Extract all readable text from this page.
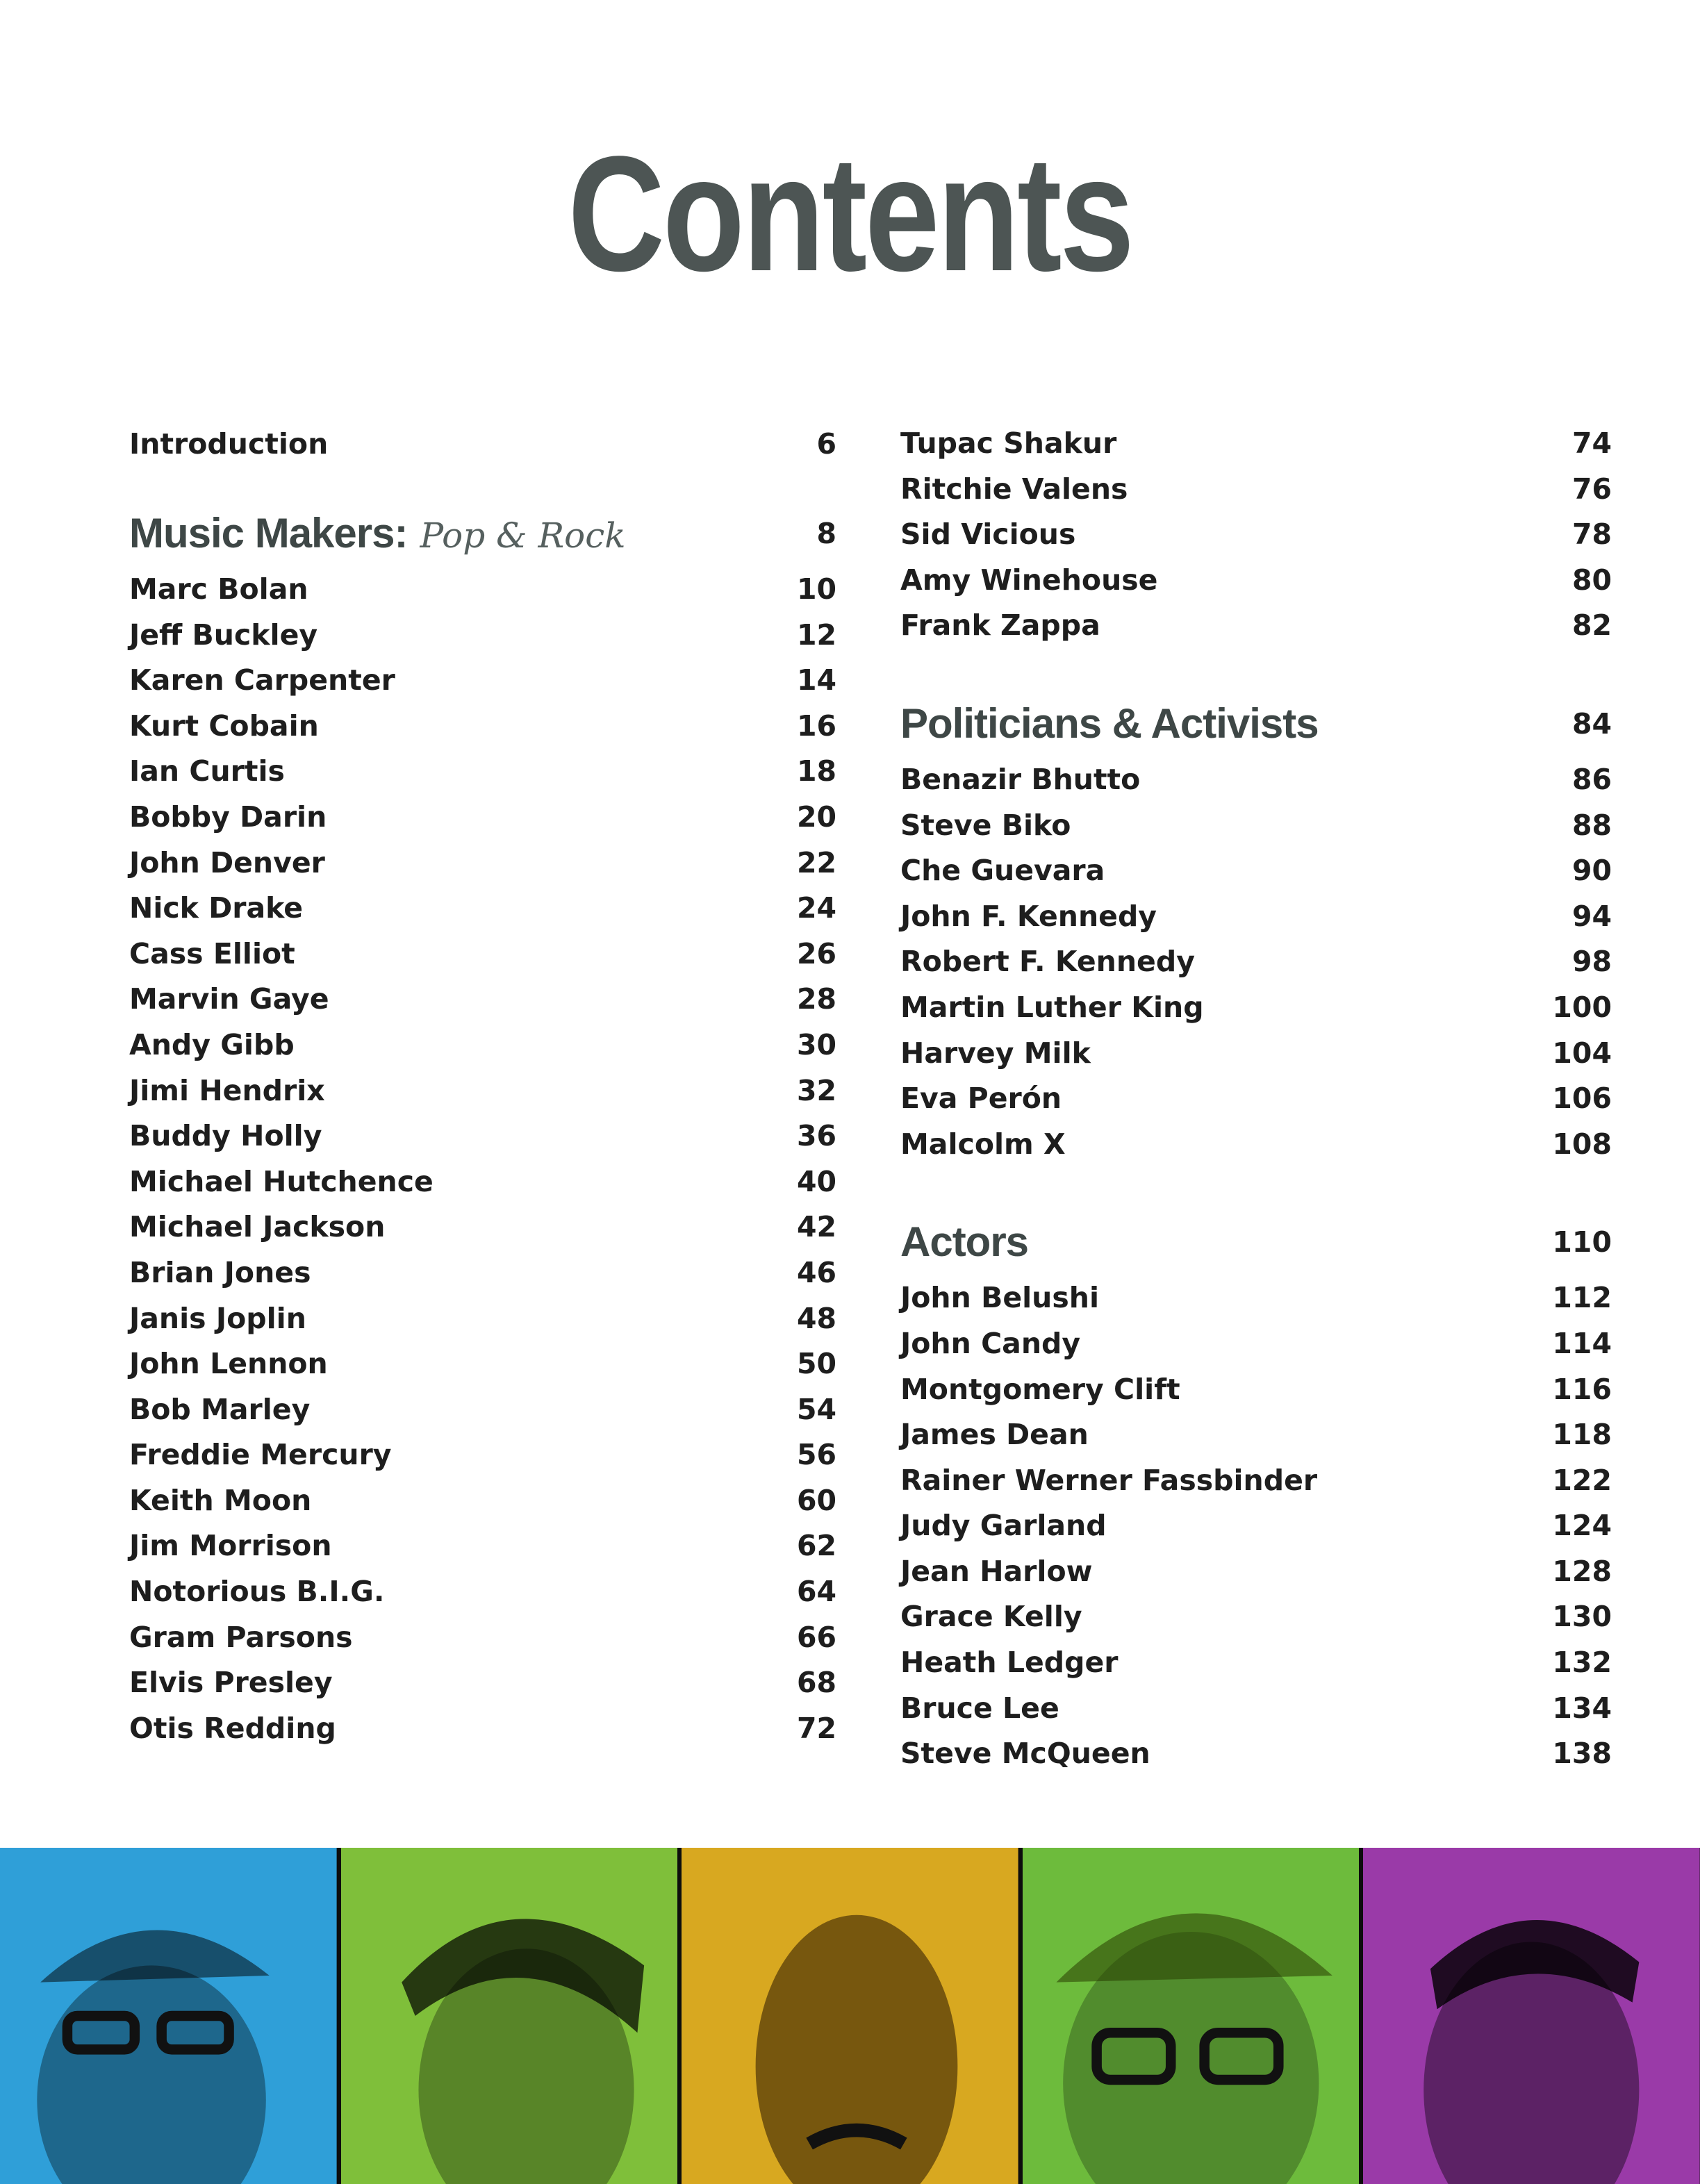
Contents
Introduction	6
Music Makers: Pop & Rock	8
Marc Bolan	10
Jeff Buckley	12
Karen Carpenter	14
Kurt Cobain	16
Ian Curtis	18
Bobby Darin	20
John Denver	22
Nick Drake	24
Cass Elliot	26
Marvin Gaye	28
Andy Gibb	30
Jimi Hendrix	32
Buddy Holly	36
Michael Hutchence	40
Michael Jackson	42
Brian Jones	46
Janis Joplin	48
John Lennon	50
Bob Marley	54
Freddie Mercury	56
Keith Moon	60
Jim Morrison	62
Notorious B.I.G.	64
Gram Parsons	66
Elvis Presley	68
Otis Redding	72
Tupac Shakur	74
Ritchie Valens	76
Sid Vicious	78
Amy Winehouse	80
Frank Zappa	82
Politicians & Activists	84
Benazir Bhutto	86
Steve Biko	88
Che Guevara	90
John F. Kennedy	94
Robert F. Kennedy	98
Martin Luther King	100
Harvey Milk	104
Eva Perón	106
Malcolm X	108
Actors	110
John Belushi	112
John Candy	114
Montgomery Clift	116
James Dean	118
Rainer Werner Fassbinder	122
Judy Garland	124
Jean Harlow	128
Grace Kelly	130
Heath Ledger	132
Bruce Lee	134
Steve McQueen	138
